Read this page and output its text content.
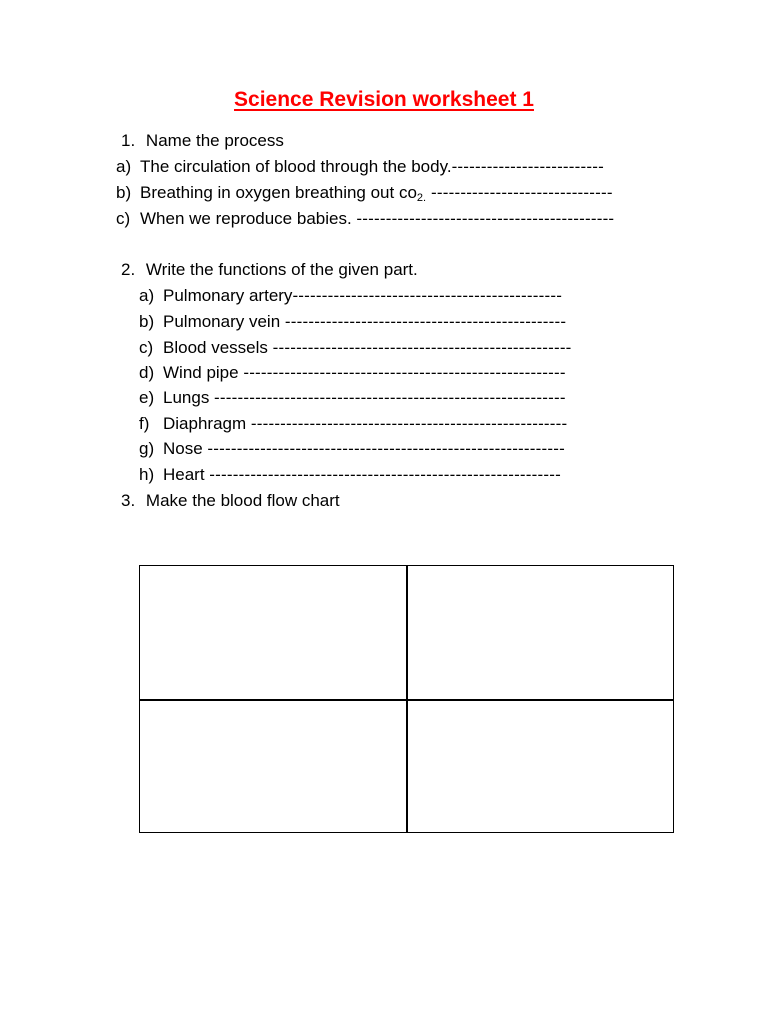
Science Revision worksheet 1
1. Name the process
a) The circulation of blood through the body.--------------------------
b) Breathing in oxygen breathing out $co_{2.}$ -------------------------------
c) When we reproduce babies. --------------------------------------------
2. Write the functions of the given part.
a) Pulmonary artery----------------------------------------------
b) Pulmonary vein ------------------------------------------------
c) Blood vessels ---------------------------------------------------
d) Wind pipe -------------------------------------------------------
e) Lungs ------------------------------------------------------------
f) Diaphragm ------------------------------------------------------
g) Nose -------------------------------------------------------------
h) Heart ------------------------------------------------------------
3. Make the blood flow chart
